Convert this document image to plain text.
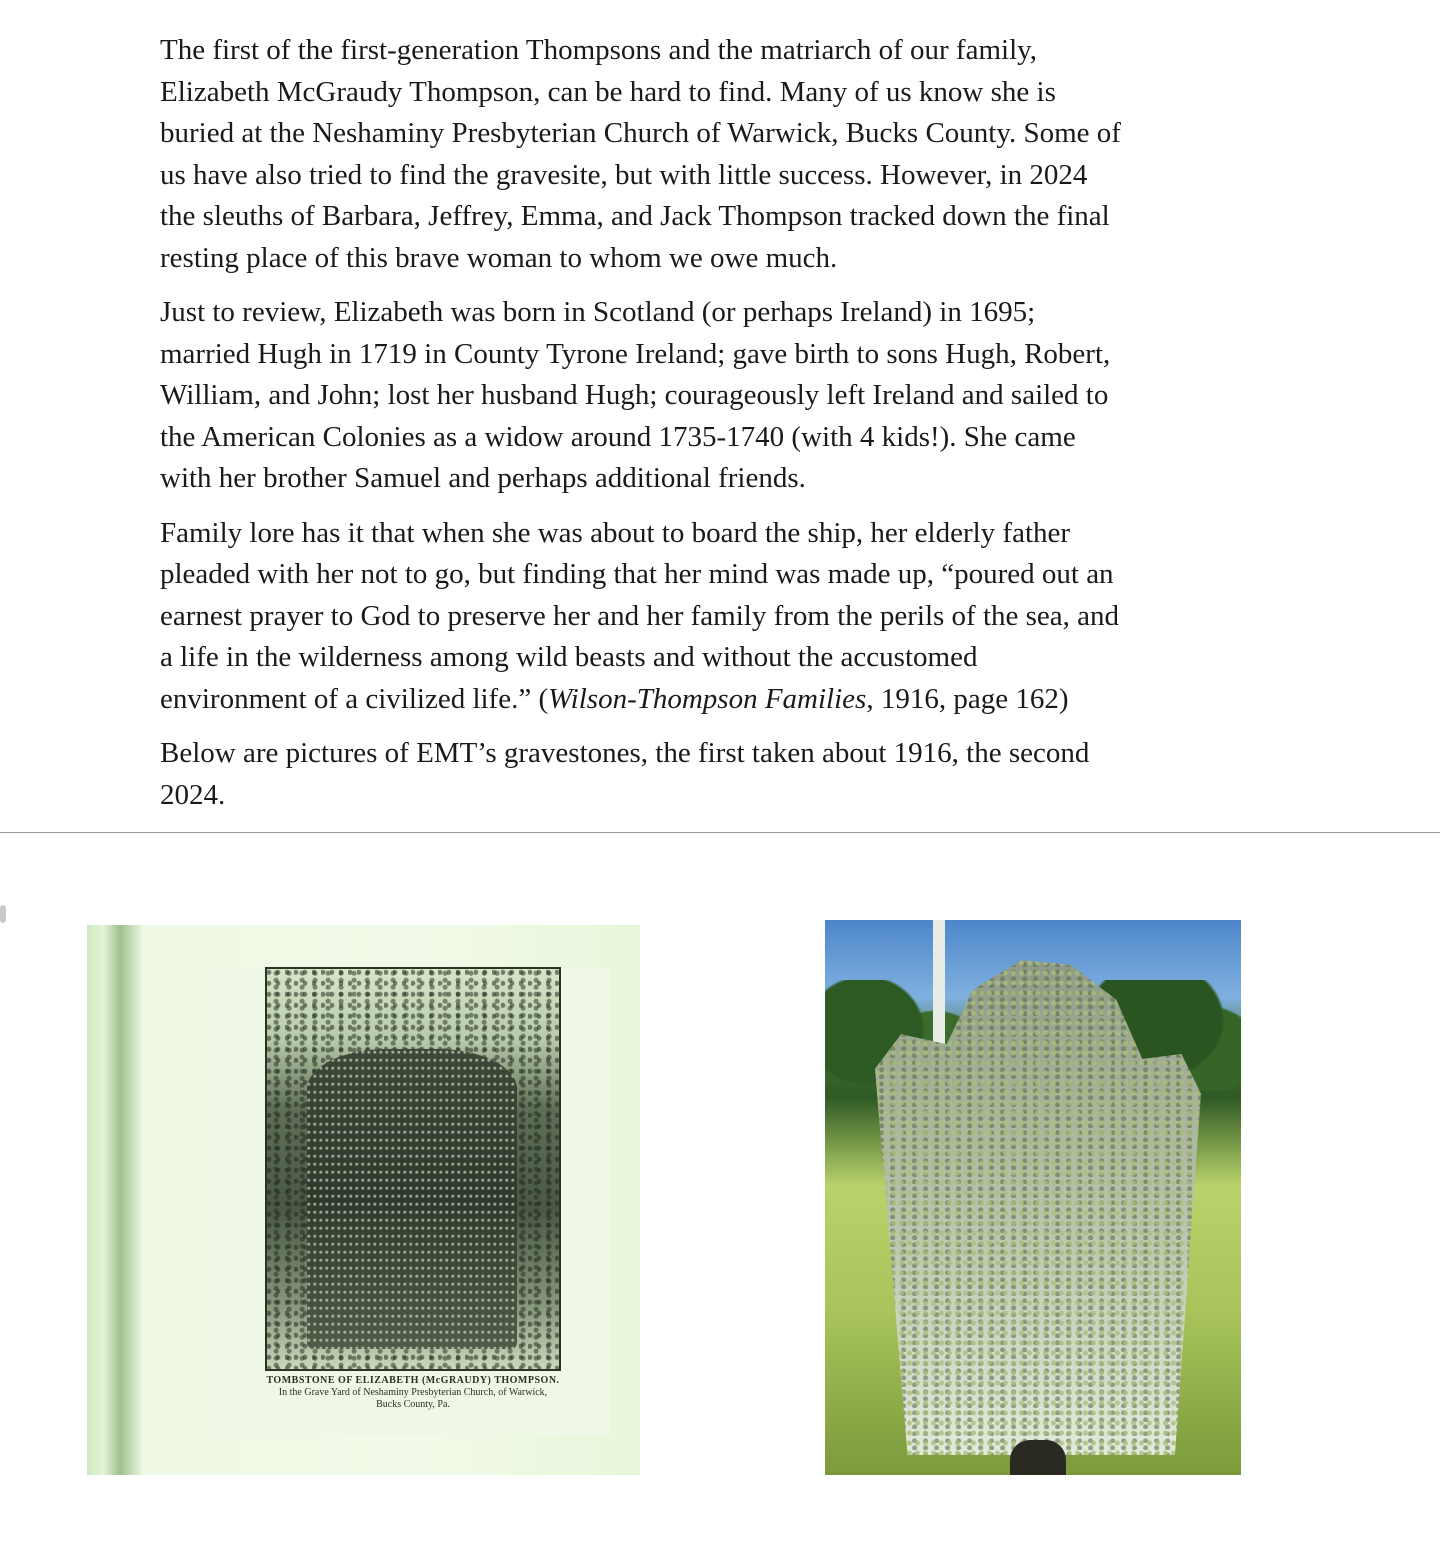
The first of the first-generation Thompsons and the matriarch of our family,
Elizabeth McGraudy Thompson, can be hard to find. Many of us know she is
buried at the Neshaminy Presbyterian Church of Warwick, Bucks County. Some of
us have also tried to find the gravesite, but with little success. However, in 2024
the sleuths of Barbara, Jeffrey, Emma, and Jack Thompson tracked down the final
resting place of this brave woman to whom we owe much.

Just to review, Elizabeth was born in Scotland (or perhaps Ireland) in 1695;
married Hugh in 1719 in County Tyrone Ireland; gave birth to sons Hugh, Robert,
William, and John; lost her husband Hugh; courageously left Ireland and sailed to
the American Colonies as a widow around 1735-1740 (with 4 kids!). She came
with her brother Samuel and perhaps additional friends.

Family lore has it that when she was about to board the ship, her elderly father
pleaded with her not to go, but finding that her mind was made up, “poured out an
earnest prayer to God to preserve her and her family from the perils of the sea, and
a life in the wilderness among wild beasts and without the accustomed
environment of a civilized life.” (Wilson-Thompson Families, 1916, page 162)

Below are pictures of EMT’s gravestones, the first taken about 1916, the second
2024.

TOMBSTONE OF ELIZABETH (McGRAUDY) THOMPSON.
In the Grave Yard of Neshaminy Presbyterian Church, of Warwick,
Bucks County, Pa.
